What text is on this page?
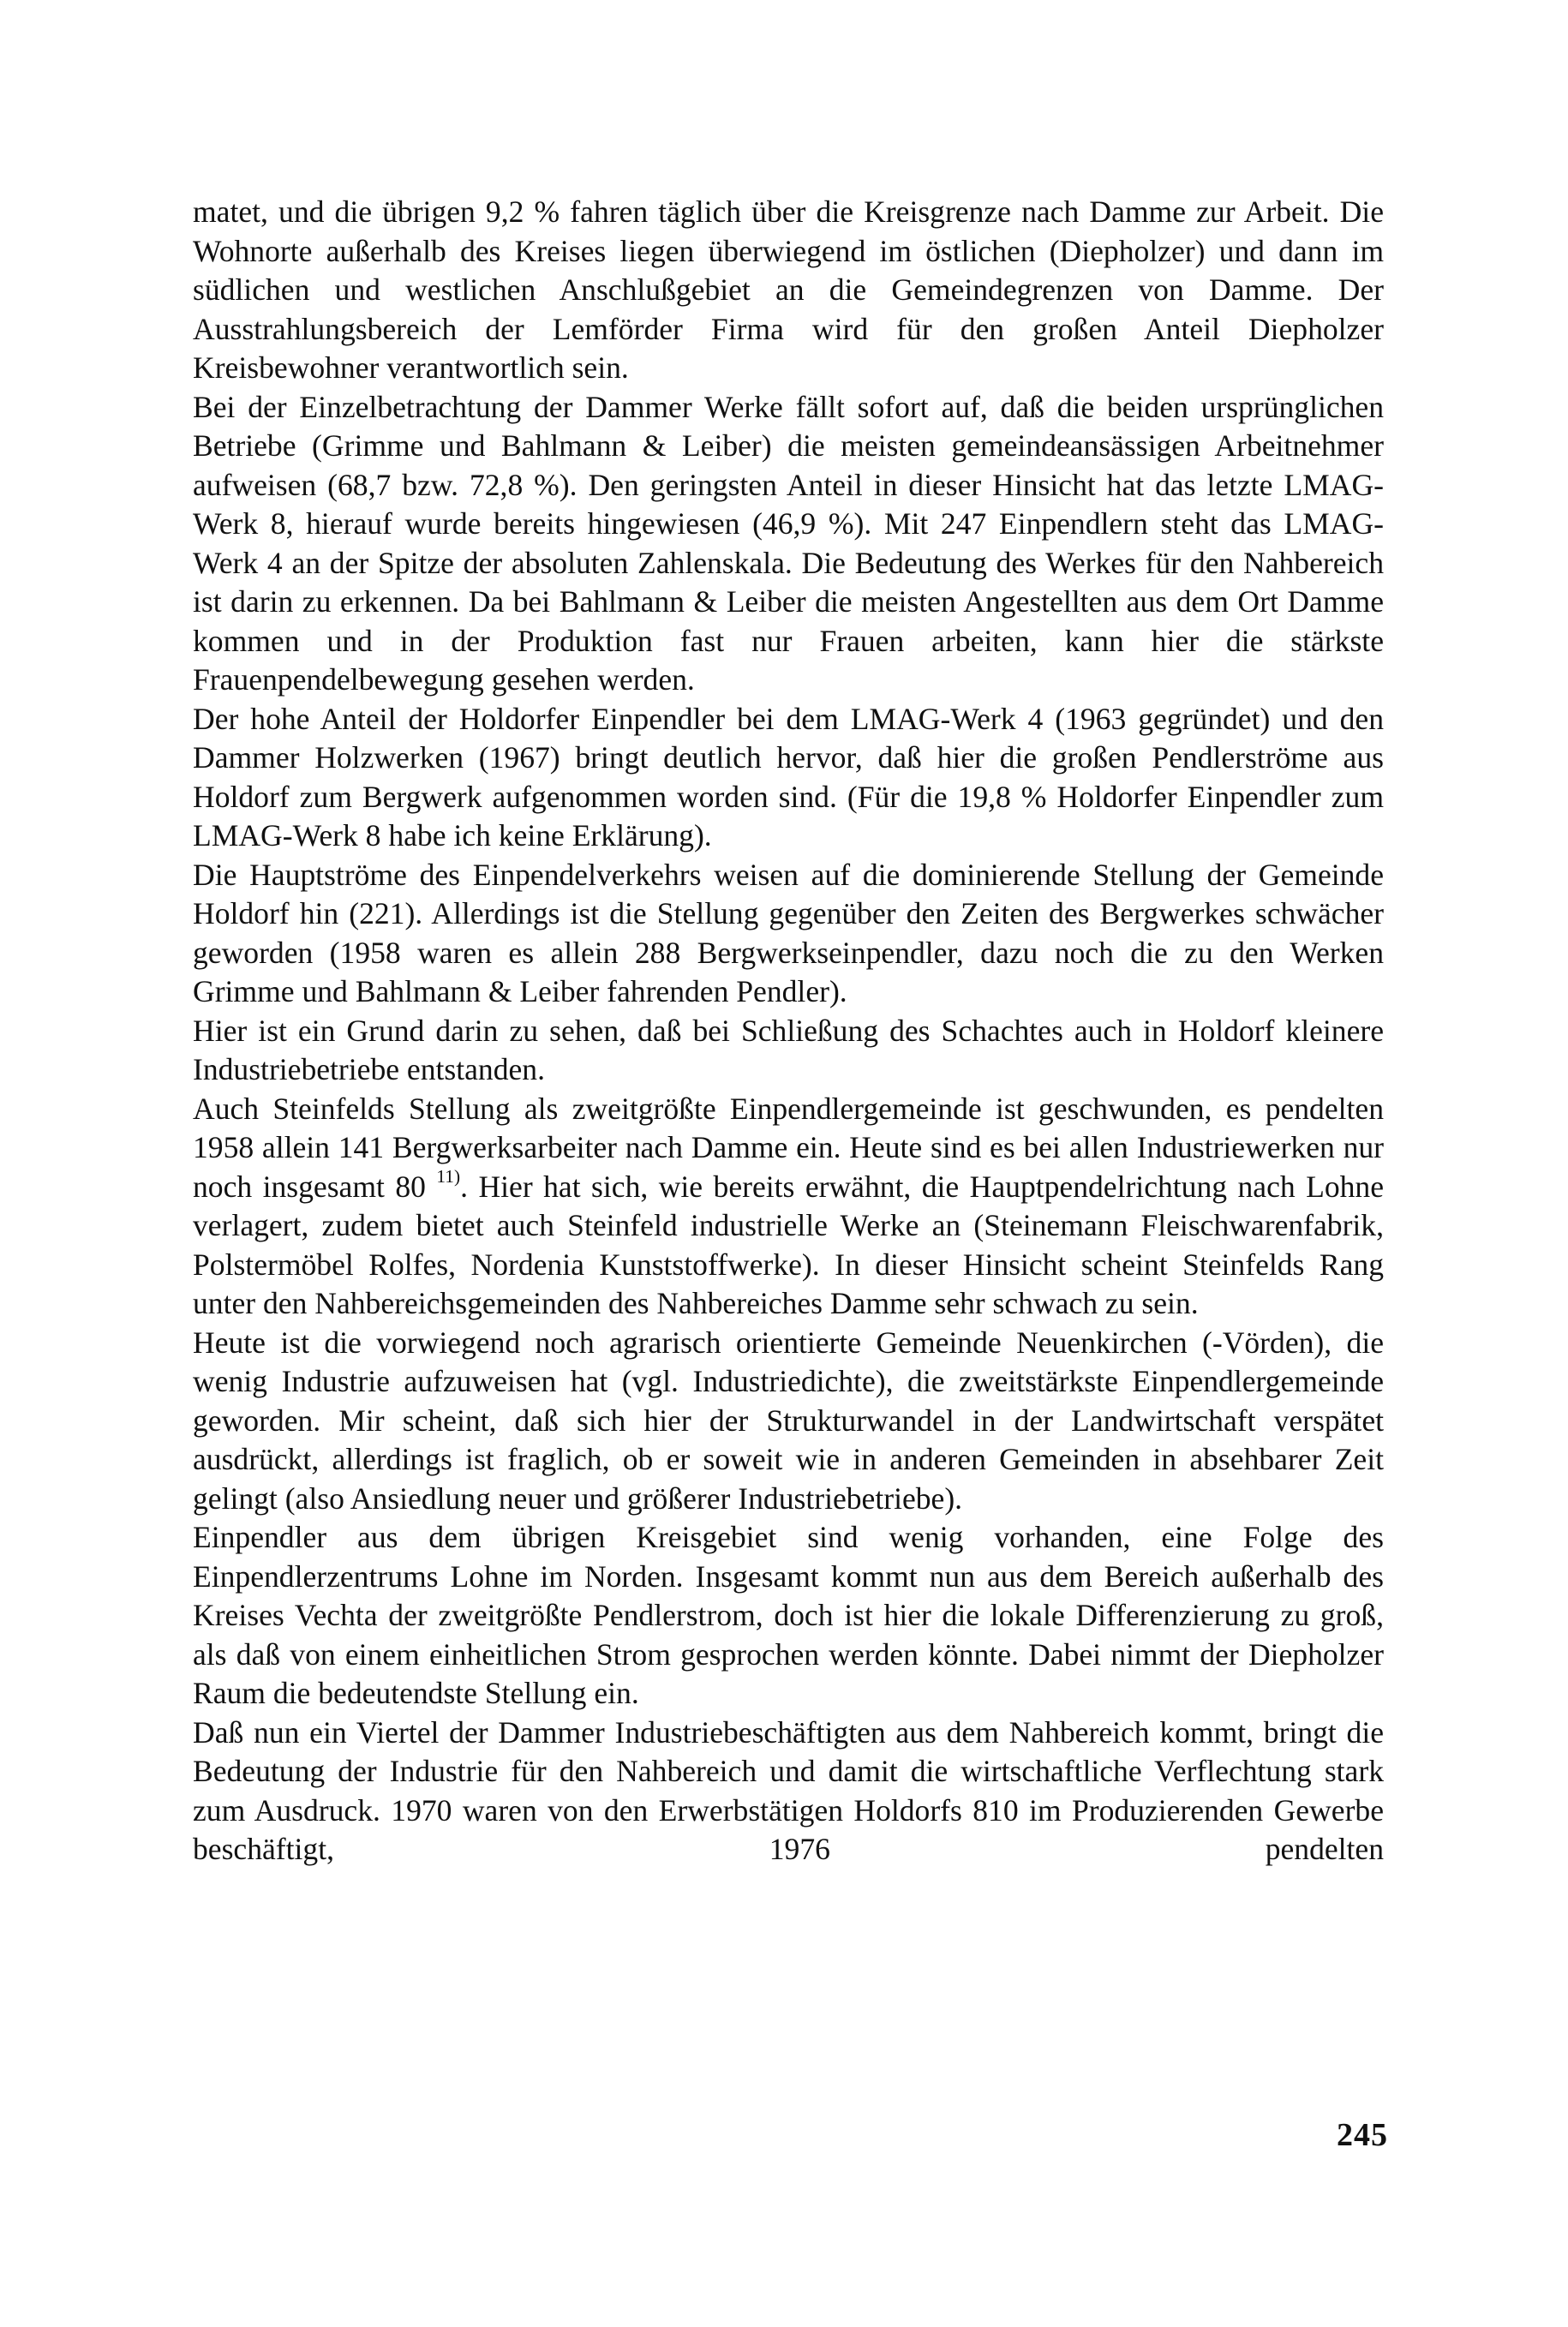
matet, und die übrigen 9,2 % fahren täglich über die Kreisgrenze nach Damme zur Arbeit. Die Wohnorte außerhalb des Kreises liegen überwiegend im östlichen (Diepholzer) und dann im südlichen und westlichen Anschlußgebiet an die Gemeindegrenzen von Damme. Der Ausstrahlungsbereich der Lemförder Firma wird für den großen Anteil Diepholzer Kreisbewohner verantwortlich sein.

Bei der Einzelbetrachtung der Dammer Werke fällt sofort auf, daß die beiden ursprünglichen Betriebe (Grimme und Bahlmann & Leiber) die meisten gemeindeansässigen Arbeitnehmer aufweisen (68,7 bzw. 72,8 %). Den geringsten Anteil in dieser Hinsicht hat das letzte LMAG-Werk 8, hierauf wurde bereits hingewiesen (46,9 %). Mit 247 Einpendlern steht das LMAG-Werk 4 an der Spitze der absoluten Zahlenskala. Die Bedeutung des Werkes für den Nahbereich ist darin zu erkennen. Da bei Bahlmann & Leiber die meisten Angestellten aus dem Ort Damme kommen und in der Produktion fast nur Frauen arbeiten, kann hier die stärkste Frauenpendelbewegung gesehen werden.

Der hohe Anteil der Holdorfer Einpendler bei dem LMAG-Werk 4 (1963 gegründet) und den Dammer Holzwerken (1967) bringt deutlich hervor, daß hier die großen Pendlerströme aus Holdorf zum Bergwerk aufgenommen worden sind. (Für die 19,8 % Holdorfer Einpendler zum LMAG-Werk 8 habe ich keine Erklärung).

Die Hauptströme des Einpendelverkehrs weisen auf die dominierende Stellung der Gemeinde Holdorf hin (221). Allerdings ist die Stellung gegenüber den Zeiten des Bergwerkes schwächer geworden (1958 waren es allein 288 Bergwerkseinpendler, dazu noch die zu den Werken Grimme und Bahlmann & Leiber fahrenden Pendler).

Hier ist ein Grund darin zu sehen, daß bei Schließung des Schachtes auch in Holdorf kleinere Industriebetriebe entstanden.

Auch Steinfelds Stellung als zweitgrößte Einpendlergemeinde ist geschwunden, es pendelten 1958 allein 141 Bergwerksarbeiter nach Damme ein. Heute sind es bei allen Industriewerken nur noch insgesamt 80 $^{11)}$. Hier hat sich, wie bereits erwähnt, die Hauptpendelrichtung nach Lohne verlagert, zudem bietet auch Steinfeld industrielle Werke an (Steinemann Fleischwarenfabrik, Polstermöbel Rolfes, Nordenia Kunststoffwerke). In dieser Hinsicht scheint Steinfelds Rang unter den Nahbereichsgemeinden des Nahbereiches Damme sehr schwach zu sein.

Heute ist die vorwiegend noch agrarisch orientierte Gemeinde Neuenkirchen (-Vörden), die wenig Industrie aufzuweisen hat (vgl. Industriedichte), die zweitstärkste Einpendlergemeinde geworden. Mir scheint, daß sich hier der Strukturwandel in der Landwirtschaft verspätet ausdrückt, allerdings ist fraglich, ob er soweit wie in anderen Gemeinden in absehbarer Zeit gelingt (also Ansiedlung neuer und größerer Industriebetriebe).

Einpendler aus dem übrigen Kreisgebiet sind wenig vorhanden, eine Folge des Einpendlerzentrums Lohne im Norden. Insgesamt kommt nun aus dem Bereich außerhalb des Kreises Vechta der zweitgrößte Pendlerstrom, doch ist hier die lokale Differenzierung zu groß, als daß von einem einheitlichen Strom gesprochen werden könnte. Dabei nimmt der Diepholzer Raum die bedeutendste Stellung ein.

Daß nun ein Viertel der Dammer Industriebeschäftigten aus dem Nahbereich kommt, bringt die Bedeutung der Industrie für den Nahbereich und damit die wirtschaftliche Verflechtung stark zum Ausdruck. 1970 waren von den Erwerbstätigen Holdorfs 810 im Produzierenden Gewerbe beschäftigt, 1976 pendelten

245
